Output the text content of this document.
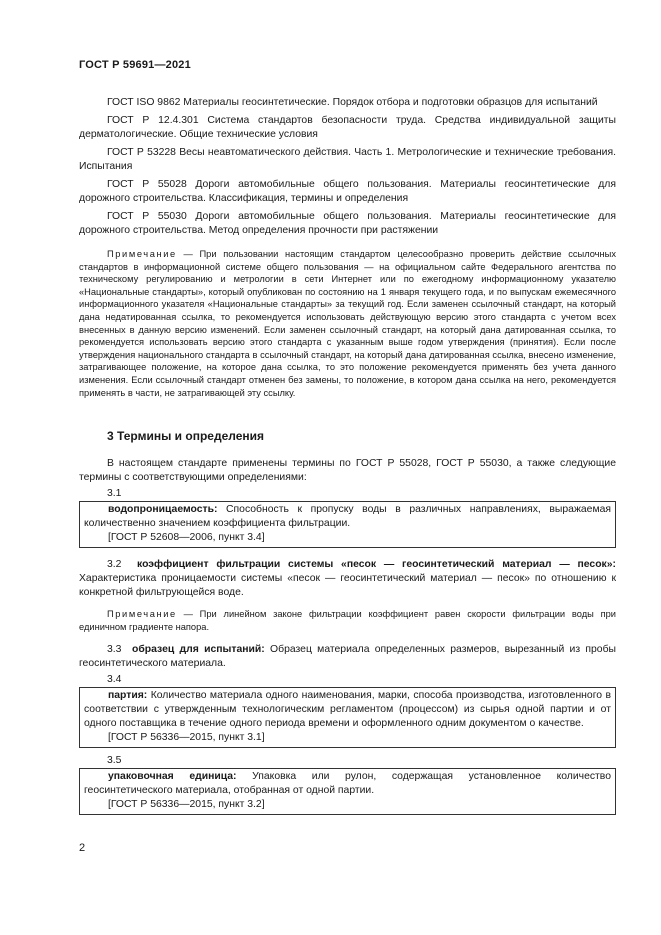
ГОСТ Р 59691—2021

ГОСТ ISO 9862 Материалы геосинтетические. Порядок отбора и подготовки образцов для испытаний

ГОСТ Р 12.4.301 Система стандартов безопасности труда. Средства индивидуальной защиты дерматологические. Общие технические условия

ГОСТ Р 53228 Весы неавтоматического действия. Часть 1. Метрологические и технические требования. Испытания

ГОСТ Р 55028 Дороги автомобильные общего пользования. Материалы геосинтетические для дорожного строительства. Классификация, термины и определения

ГОСТ Р 55030 Дороги автомобильные общего пользования. Материалы геосинтетические для дорожного строительства. Метод определения прочности при растяжении

Примечание — При пользовании настоящим стандартом целесообразно проверить действие ссылочных стандартов в информационной системе общего пользования — на официальном сайте Федерального агентства по техническому регулированию и метрологии в сети Интернет или по ежегодному информационному указателю «Национальные стандарты», который опубликован по состоянию на 1 января текущего года, и по выпускам ежемесячного информационного указателя «Национальные стандарты» за текущий год. Если заменен ссылочный стандарт, на который дана недатированная ссылка, то рекомендуется использовать действующую версию этого стандарта с учетом всех внесенных в данную версию изменений. Если заменен ссылочный стандарт, на который дана датированная ссылка, то рекомендуется использовать версию этого стандарта с указанным выше годом утверждения (принятия). Если после утверждения национального стандарта в ссылочный стандарт, на который дана датированная ссылка, внесено изменение, затрагивающее положение, на которое дана ссылка, то это положение рекомендуется применять без учета данного изменения. Если ссылочный стандарт отменен без замены, то положение, в котором дана ссылка на него, рекомендуется применять в части, не затрагивающей эту ссылку.

3 Термины и определения

В настоящем стандарте применены термины по ГОСТ Р 55028, ГОСТ Р 55030, а также следующие термины с соответствующими определениями:

3.1

водопроницаемость: Способность к пропуску воды в различных направлениях, выражаемая количественно значением коэффициента фильтрации.

[ГОСТ Р 52608—2006, пункт 3.4]

3.2 коэффициент фильтрации системы «песок — геосинтетический материал — песок»: Характеристика проницаемости системы «песок — геосинтетический материал — песок» по отношению к конкретной фильтрующейся воде.

Примечание — При линейном законе фильтрации коэффициент равен скорости фильтрации воды при единичном градиенте напора.

3.3 образец для испытаний: Образец материала определенных размеров, вырезанный из пробы геосинтетического материала.

3.4

партия: Количество материала одного наименования, марки, способа производства, изготовленного в соответствии с утвержденным технологическим регламентом (процессом) из сырья одной партии и от одного поставщика в течение одного периода времени и оформленного одним документом о качестве.

[ГОСТ Р 56336—2015, пункт 3.1]

3.5

упаковочная единица: Упаковка или рулон, содержащая установленное количество геосинтетического материала, отобранная от одной партии.

[ГОСТ Р 56336—2015, пункт 3.2]

2
